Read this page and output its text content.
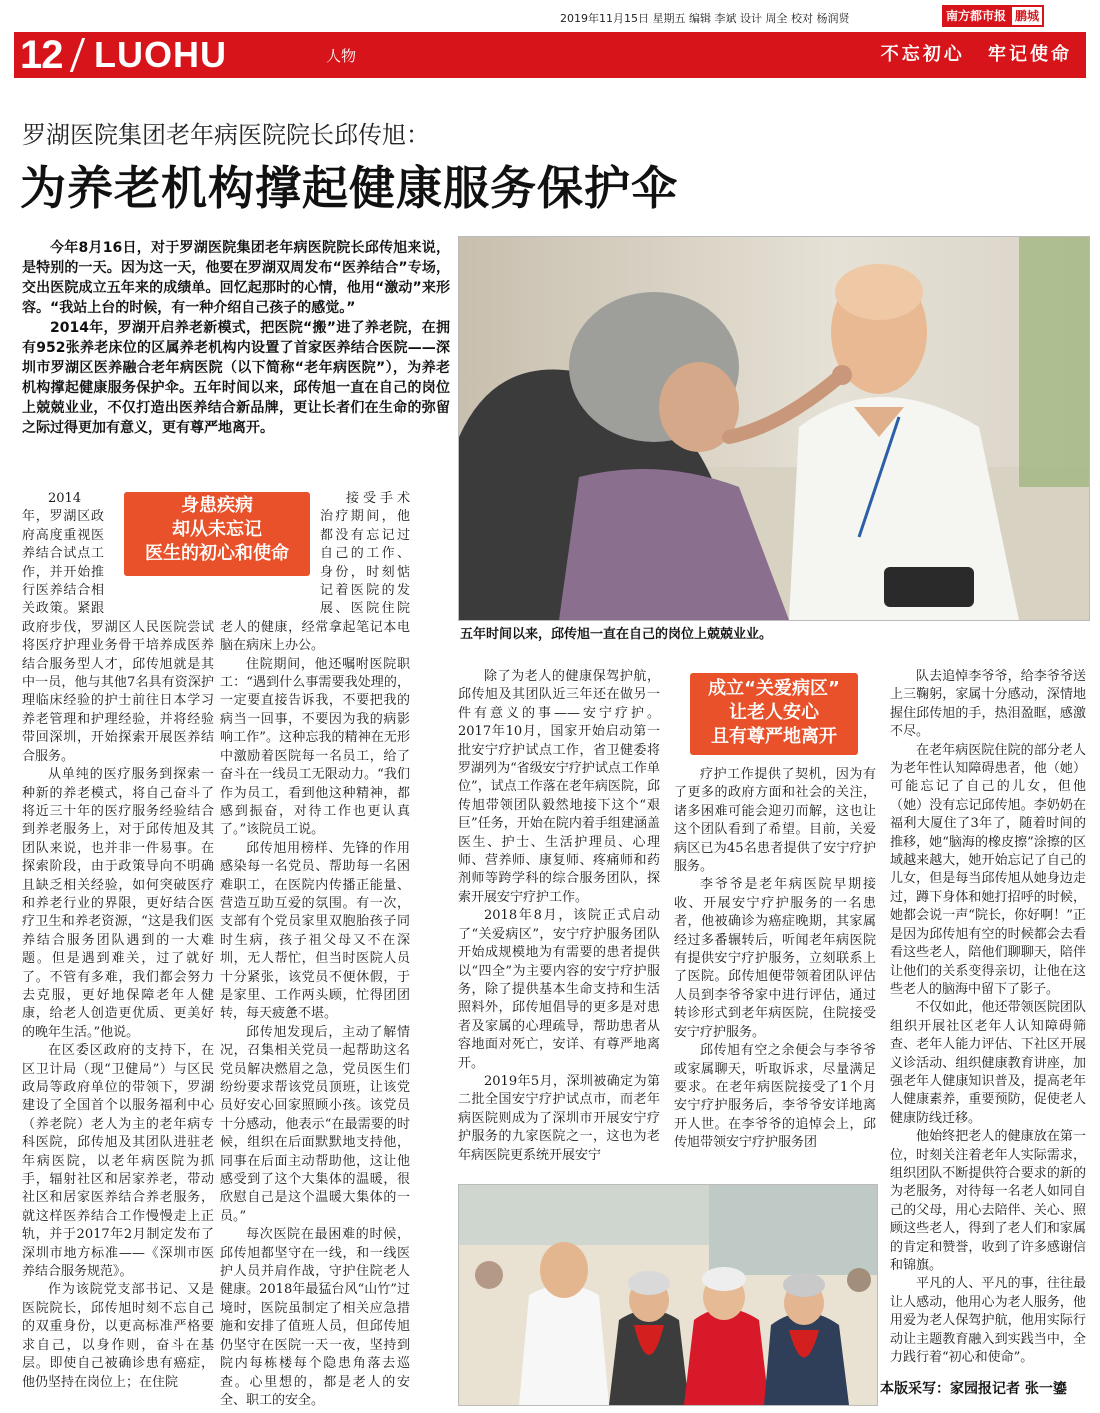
2019年11月15日 星期五 编辑 李斌 设计 周全 校对 杨润贤	南方都市报 鹏城
12 LUOHU	人物	不忘初心 牢记使命
罗湖医院集团老年病医院院长邱传旭：
为养老机构撑起健康服务保护伞

今年8月16日，对于罗湖医院集团老年病医院院长邱传旭来说，是特别的一天。因为这一天，他要在罗湖双周发布“医养结合”专场，交出医院成立五年来的成绩单。回忆起那时的心情，他用“激动”来形容。“我站上台的时候，有一种介绍自己孩子的感觉。”

2014年，罗湖开启养老新模式，把医院“搬”进了养老院，在拥有952张养老床位的区属养老机构内设置了首家医养结合医院——深圳市罗湖区医养融合老年病医院（以下简称“老年病医院”），为养老机构撑起健康服务保护伞。五年时间以来，邱传旭一直在自己的岗位上兢兢业业，不仅打造出医养结合新品牌，更让长者们在生命的弥留之际过得更加有意义，更有尊严地离开。

五年时间以来，邱传旭一直在自己的岗位上兢兢业业。
身患疾病
却从未忘记
医生的初心和使命

2014年，罗湖区政府高度重视医养结合试点工作，并开始推行医养结合相关政策。紧跟政府步伐，罗湖区人民医院尝试将医疗护理业务骨干培养成医养结合服务型人才，邱传旭就是其中一员，他与其他7名具有资深护理临床经验的护士前往日本学习养老管理和护理经验，并将经验带回深圳，开始探索开展医养结合服务。

从单纯的医疗服务到探索一种新的养老模式，将自己奋斗了将近三十年的医疗服务经验结合到养老服务上，对于邱传旭及其团队来说，也并非一件易事。在探索阶段，由于政策导向不明确且缺乏相关经验，如何突破医疗和养老行业的界限，更好结合医疗卫生和养老资源，“这是我们医养结合服务团队遇到的一大难题。但是遇到难关，过了就好了。不管有多难，我们都会努力去克服，更好地保障老年人健康，给老人创造更优质、更美好的晚年生活。”他说。

在区委区政府的支持下，在区卫计局（现“卫健局”）与区民政局等政府单位的带领下，罗湖建设了全国首个以服务福利中心（养老院）老人为主的老年病专科医院，邱传旭及其团队进驻老年病医院，以老年病医院为抓手，辐射社区和居家养老，带动社区和居家医养结合养老服务，就这样医养结合工作慢慢走上正轨，并于2017年2月制定发布了深圳市地方标准——《深圳市医养结合服务规范》。

作为该院党支部书记、又是医院院长，邱传旭时刻不忘自己的双重身份，以更高标准严格要求自己，以身作则，奋斗在基层。即使自己被确诊患有癌症，他仍坚持在岗位上；在住院

接受手术治疗期间，他都没有忘记过自己的工作、身份，时刻惦记着医院的发展、医院住院老人的健康，经常拿起笔记本电脑在病床上办公。

住院期间，他还嘱咐医院职工：“遇到什么事需要我处理的，一定要直接告诉我，不要把我的病当一回事，不要因为我的病影响工作”。这种忘我的精神在无形中激励着医院每一名员工，给了奋斗在一线员工无限动力。“我们作为员工，看到他这种精神，都感到振奋，对待工作也更认真了。”该院员工说。

邱传旭用榜样、先锋的作用感染每一名党员、帮助每一名困难职工，在医院内传播正能量、营造互助互爱的氛围。有一次，支部有个党员家里双胞胎孩子同时生病，孩子祖父母又不在深圳，无人帮忙，但当时医院人员十分紧张，该党员不便休假，于是家里、工作两头顾，忙得团团转，每天疲惫不堪。

邱传旭发现后，主动了解情况，召集相关党员一起帮助这名党员解决燃眉之急，党员医生们纷纷要求帮该党员顶班，让该党员好安心回家照顾小孩。该党员十分感动，他表示“在最需要的时候，组织在后面默默地支持他，同事在后面主动帮助他，这让他感受到了这个大集体的温暖，很欣慰自己是这个温暖大集体的一员。”

每次医院在最困难的时候，邱传旭都坚守在一线，和一线医护人员并肩作战，守护住院老人健康。2018年最猛台风“山竹”过境时，医院虽制定了相关应急措施和安排了值班人员，但邱传旭仍坚守在医院一天一夜，坚持到院内每栋楼每个隐患角落去巡查。心里想的，都是老人的安全、职工的安全。

成立“关爱病区”
让老人安心
且有尊严地离开

除了为老人的健康保驾护航，邱传旭及其团队近三年还在做另一件有意义的事——安宁疗护。2017年10月，国家开始启动第一批安宁疗护试点工作，省卫健委将罗湖列为“省级安宁疗护试点工作单位”，试点工作落在老年病医院，邱传旭带领团队毅然地接下这个“艰巨”任务，开始在院内着手组建涵盖医生、护士、生活护理员、心理师、营养师、康复师、疼痛师和药剂师等跨学科的综合服务团队，探索开展安宁疗护工作。

2018年8月，该院正式启动了“关爱病区”，安宁疗护服务团队开始成规模地为有需要的患者提供以“四全”为主要内容的安宁疗护服务，除了提供基本生命支持和生活照料外，邱传旭倡导的更多是对患者及家属的心理疏导，帮助患者从容地面对死亡，安详、有尊严地离开。

2019年5月，深圳被确定为第二批全国安宁疗护试点市，而老年病医院则成为了深圳市开展安宁疗护服务的九家医院之一，这也为老年病医院更系统开展安宁

疗护工作提供了契机，因为有了更多的政府方面和社会的关注，诸多困难可能会迎刃而解，这也让这个团队看到了希望。目前，关爱病区已为45名患者提供了安宁疗护服务。

李爷爷是老年病医院早期接收、开展安宁疗护服务的一名患者，他被确诊为癌症晚期，其家属经过多番辗转后，听闻老年病医院有提供安宁疗护服务，立刻联系上了医院。邱传旭便带领着团队评估人员到李爷爷家中进行评估，通过转诊形式到老年病医院，住院接受安宁疗护服务。

邱传旭有空之余便会与李爷爷或家属聊天，听取诉求，尽量满足要求。在老年病医院接受了1个月安宁疗护服务后，李爷爷安详地离开人世。在李爷爷的追悼会上，邱传旭带领安宁疗护服务团

队去追悼李爷爷，给李爷爷送上三鞠躬，家属十分感动，深情地握住邱传旭的手，热泪盈眶，感激不尽。

在老年病医院住院的部分老人为老年性认知障碍患者，他（她）可能忘记了自己的儿女，但他（她）没有忘记邱传旭。李奶奶在福利大厦住了3年了，随着时间的推移，她“脑海的橡皮擦”涂擦的区域越来越大，她开始忘记了自己的儿女，但是每当邱传旭从她身边走过，蹲下身体和她打招呼的时候，她都会说一声“院长，你好啊！”正是因为邱传旭有空的时候都会去看看这些老人，陪他们聊聊天，陪伴让他们的关系变得亲切，让他在这些老人的脑海中留下了影子。

不仅如此，他还带领医院团队组织开展社区老年人认知障碍筛查、老年人能力评估、下社区开展义诊活动、组织健康教育讲座，加强老年人健康知识普及，提高老年人健康素养，重要预防，促使老人健康防线迁移。

他始终把老人的健康放在第一位，时刻关注着老年人实际需求，组织团队不断提供符合要求的新的为老服务，对待每一名老人如同自己的父母，用心去陪伴、关心、照顾这些老人，得到了老人们和家属的肯定和赞誉，收到了许多感谢信和锦旗。

平凡的人、平凡的事，往往最让人感动，他用心为老人服务，他用爱为老人保驾护航，他用实际行动让主题教育融入到实践当中，全力践行着“初心和使命”。

本版采写：家园报记者 张一鎏
